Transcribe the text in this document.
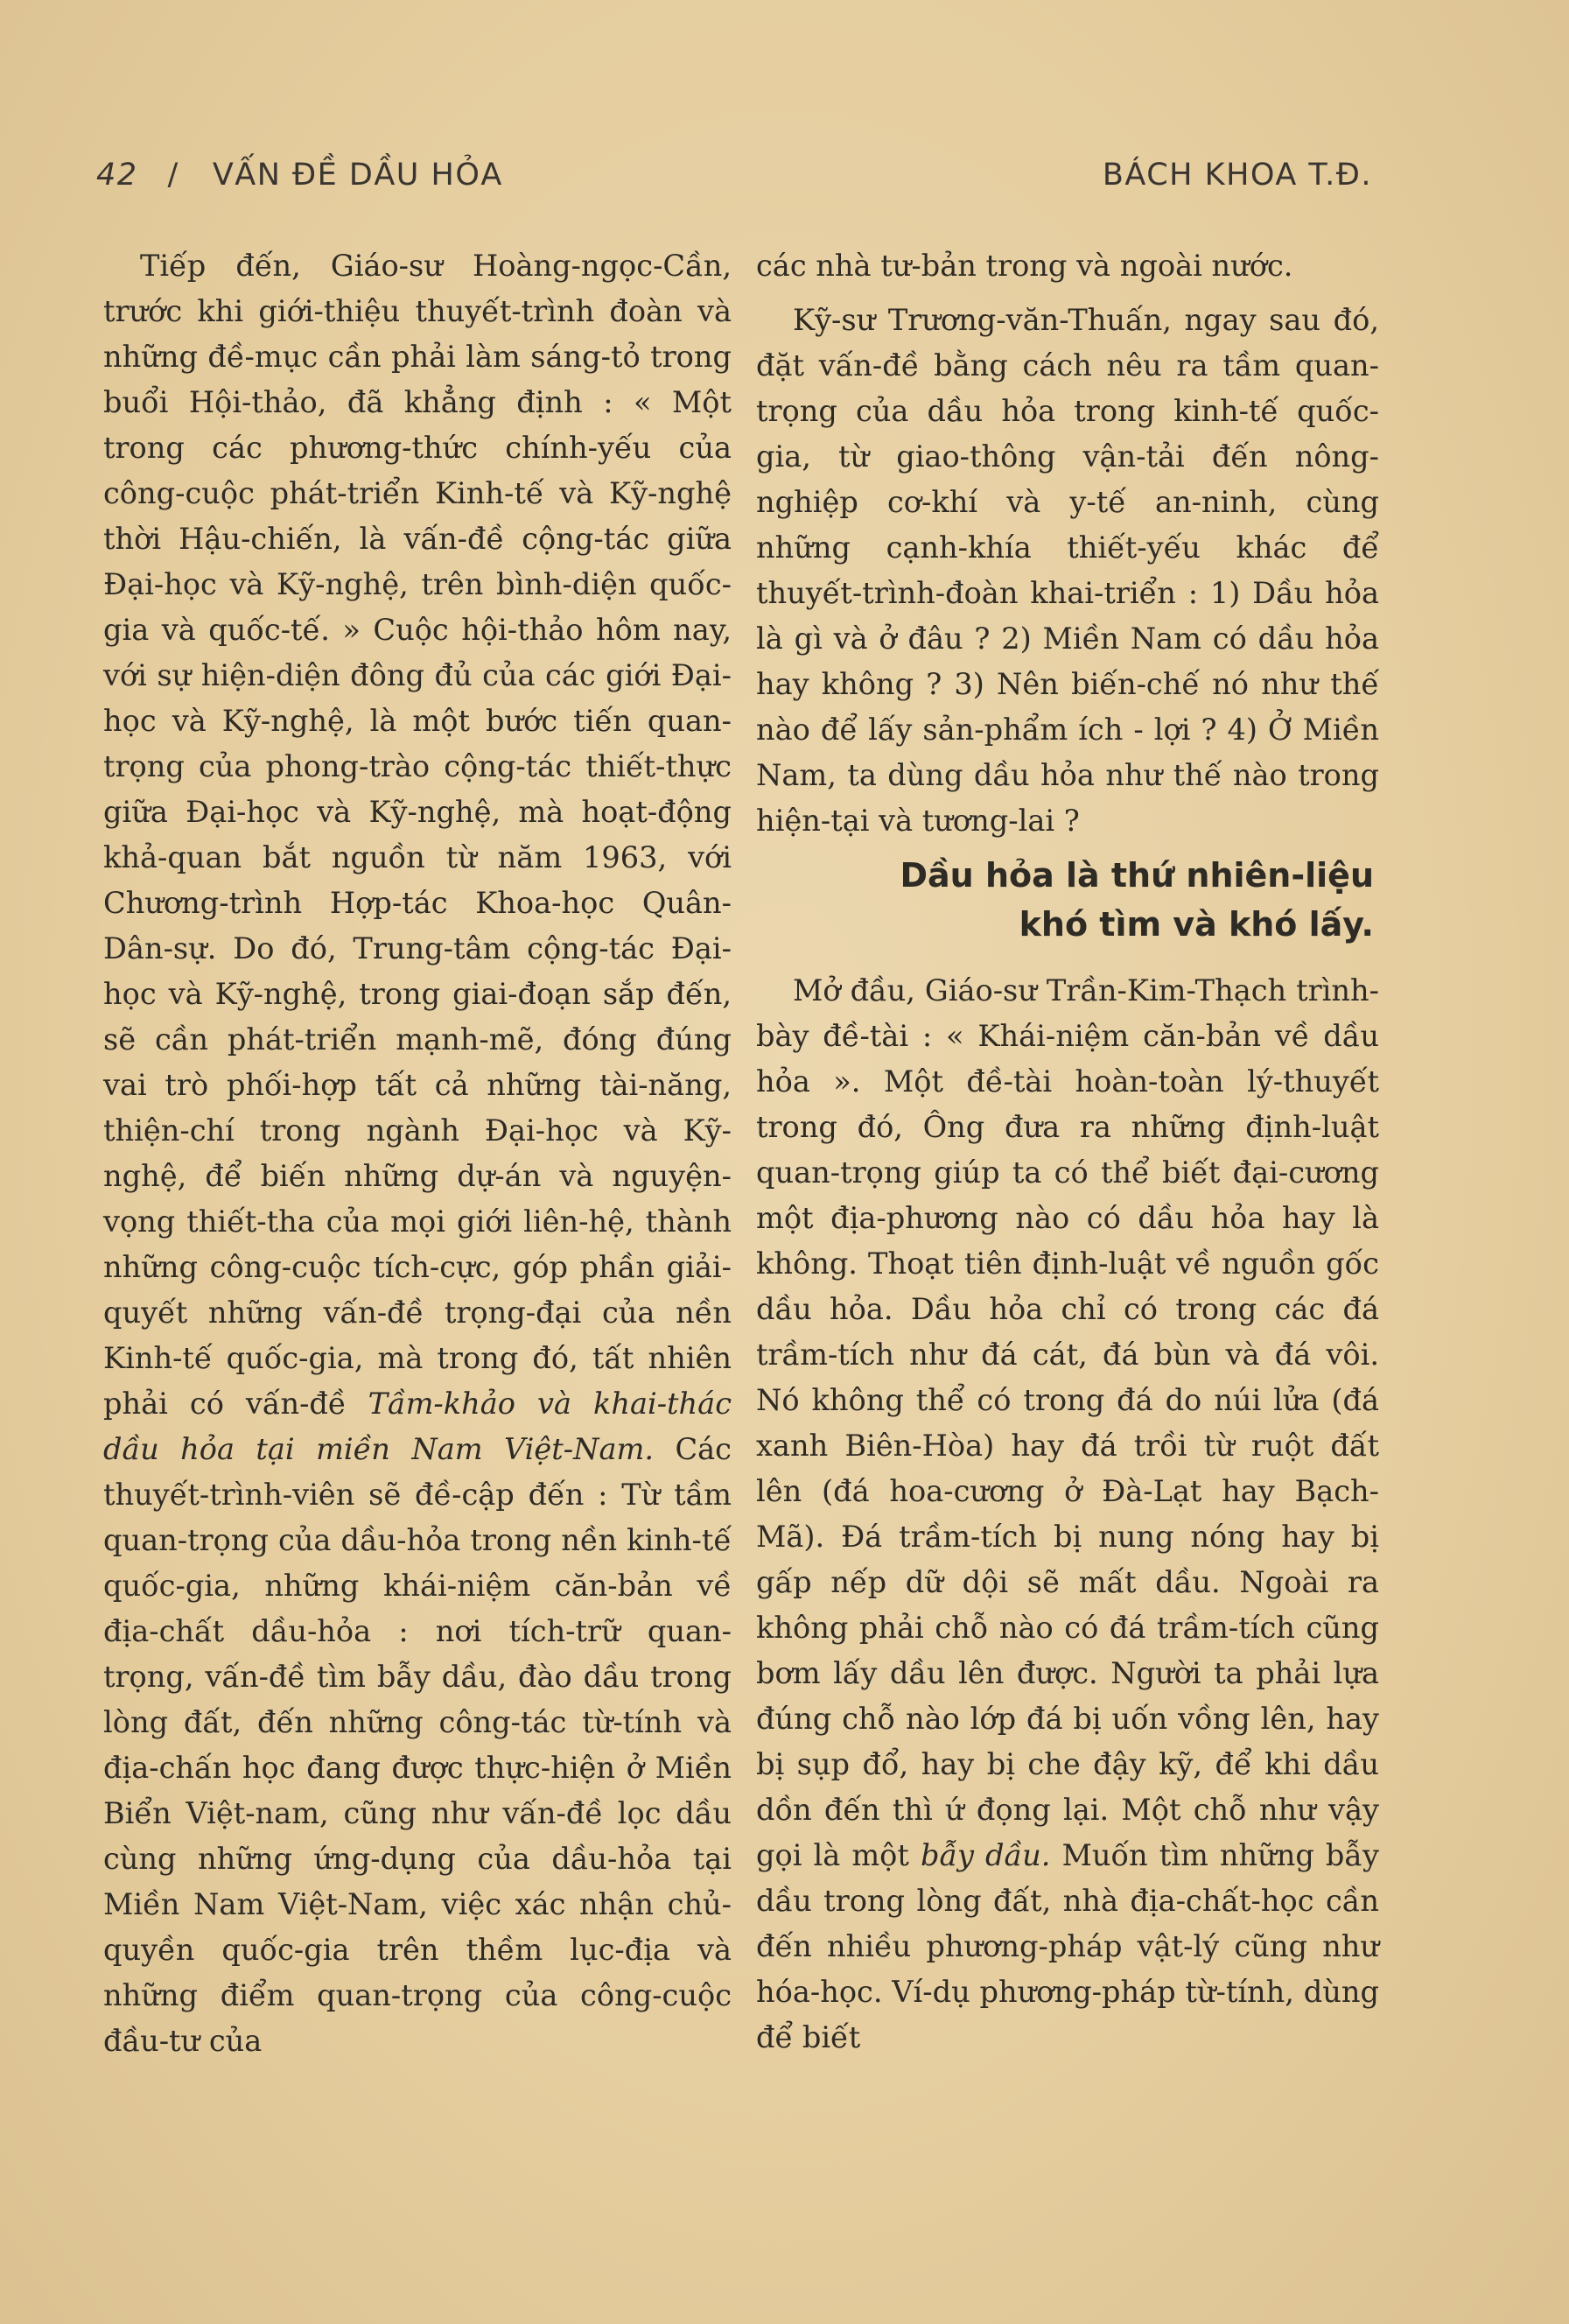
42 / VẤN ĐỀ DẦU HỎA	BÁCH KHOA T.Đ.

Tiếp đến, Giáo-sư Hoàng-ngọc-Cần, trước khi giới-thiệu thuyết-trình đoàn và những đề-mục cần phải làm sáng-tỏ trong buổi Hội-thảo, đã khẳng định : « Một trong các phương-thức chính-yếu của công-cuộc phát-triển Kinh-tế và Kỹ-nghệ thời Hậu-chiến, là vấn-đề cộng-tác giữa Đại-học và Kỹ-nghệ, trên bình-diện quốc-gia và quốc-tế. » Cuộc hội-thảo hôm nay, với sự hiện-diện đông đủ của các giới Đại-học và Kỹ-nghệ, là một bước tiến quan-trọng của phong-trào cộng-tác thiết-thực giữa Đại-học và Kỹ-nghệ, mà hoạt-động khả-quan bắt nguồn từ năm 1963, với Chương-trình Hợp-tác Khoa-học Quân-Dân-sự. Do đó, Trung-tâm cộng-tác Đại-học và Kỹ-nghệ, trong giai-đoạn sắp đến, sẽ cần phát-triển mạnh-mẽ, đóng đúng vai trò phối-hợp tất cả những tài-năng, thiện-chí trong ngành Đại-học và Kỹ-nghệ, để biến những dự-án và nguyện-vọng thiết-tha của mọi giới liên-hệ, thành những công-cuộc tích-cực, góp phần giải-quyết những vấn-đề trọng-đại của nền Kinh-tế quốc-gia, mà trong đó, tất nhiên phải có vấn-đề Tầm-khảo và khai-thác dầu hỏa tại miền Nam Việt-Nam. Các thuyết-trình-viên sẽ đề-cập đến : Từ tầm quan-trọng của dầu-hỏa trong nền kinh-tế quốc-gia, những khái-niệm căn-bản về địa-chất dầu-hỏa : nơi tích-trữ quan-trọng, vấn-đề tìm bẫy dầu, đào dầu trong lòng đất, đến những công-tác từ-tính và địa-chấn học đang được thực-hiện ở Miền Biển Việt-nam, cũng như vấn-đề lọc dầu cùng những ứng-dụng của dầu-hỏa tại Miền Nam Việt-Nam, việc xác nhận chủ-quyền quốc-gia trên thềm lục-địa và những điểm quan-trọng của công-cuộc đầu-tư của

các nhà tư-bản trong và ngoài nước.

Kỹ-sư Trương-văn-Thuấn, ngay sau đó, đặt vấn-đề bằng cách nêu ra tầm quan-trọng của dầu hỏa trong kinh-tế quốc-gia, từ giao-thông vận-tải đến nông-nghiệp cơ-khí và y-tế an-ninh, cùng những cạnh-khía thiết-yếu khác để thuyết-trình-đoàn khai-triển : 1) Dầu hỏa là gì và ở đâu ? 2) Miền Nam có dầu hỏa hay không ? 3) Nên biến-chế nó như thế nào để lấy sản-phẩm ích - lợi ? 4) Ở Miền Nam, ta dùng dầu hỏa như thế nào trong hiện-tại và tương-lai ?

Dầu hỏa là thứ nhiên-liệu
khó tìm và khó lấy.

Mở đầu, Giáo-sư Trần-Kim-Thạch trình-bày đề-tài : « Khái-niệm căn-bản về dầu hỏa ». Một đề-tài hoàn-toàn lý-thuyết trong đó, Ông đưa ra những định-luật quan-trọng giúp ta có thể biết đại-cương một địa-phương nào có dầu hỏa hay là không. Thoạt tiên định-luật về nguồn gốc dầu hỏa. Dầu hỏa chỉ có trong các đá trầm-tích như đá cát, đá bùn và đá vôi. Nó không thể có trong đá do núi lửa (đá xanh Biên-Hòa) hay đá trồi từ ruột đất lên (đá hoa-cương ở Đà-Lạt hay Bạch-Mã). Đá trầm-tích bị nung nóng hay bị gấp nếp dữ dội sẽ mất dầu. Ngoài ra không phải chỗ nào có đá trầm-tích cũng bơm lấy dầu lên được. Người ta phải lựa đúng chỗ nào lớp đá bị uốn vồng lên, hay bị sụp đổ, hay bị che đậy kỹ, để khi dầu dồn đến thì ứ đọng lại. Một chỗ như vậy gọi là một bẫy dầu. Muốn tìm những bẫy dầu trong lòng đất, nhà địa-chất-học cần đến nhiều phương-pháp vật-lý cũng như hóa-học. Ví-dụ phương-pháp từ-tính, dùng để biết
